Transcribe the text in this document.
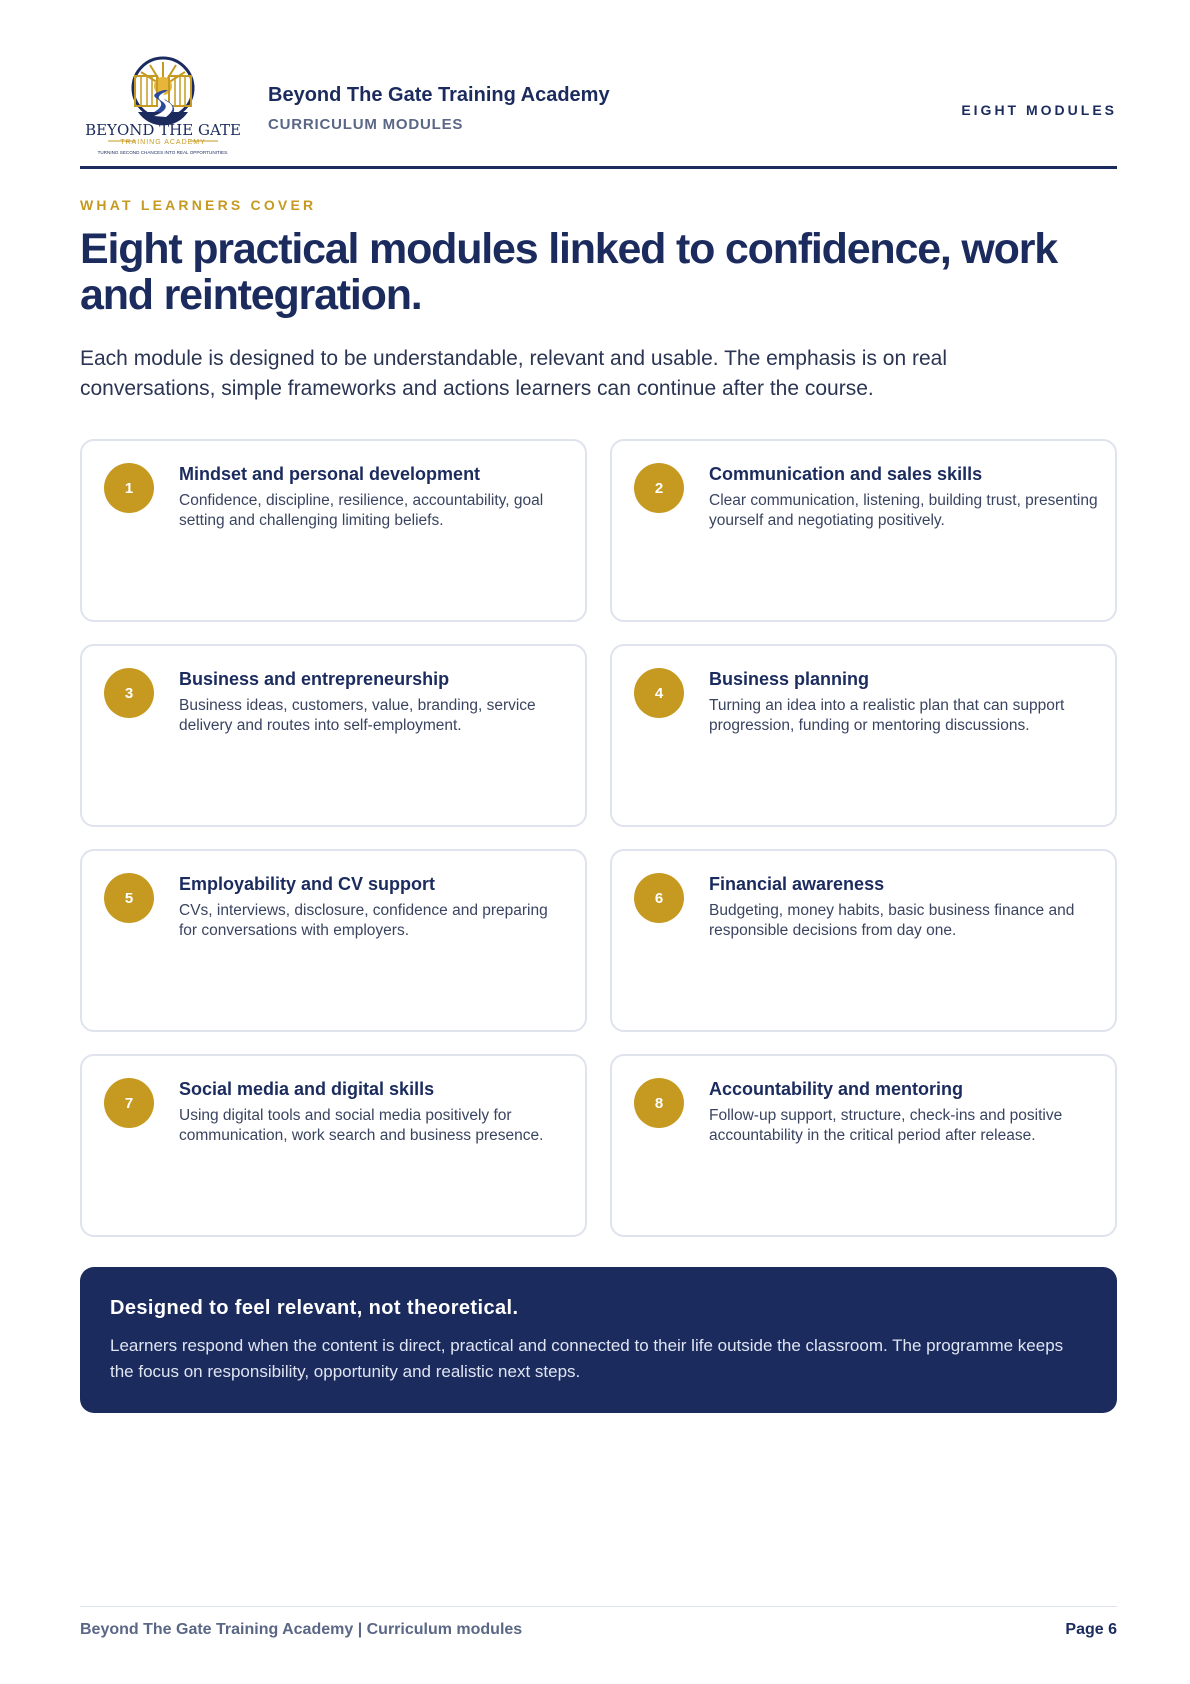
BEYOND THE GATE
TRAINING ACADEMY
TURNING SECOND CHANCES INTO REAL OPPORTUNITIES.
Beyond The Gate Training Academy
CURRICULUM MODULES
EIGHT MODULES
WHAT LEARNERS COVER
Eight practical modules linked to confidence, work and reintegration.

Each module is designed to be understandable, relevant and usable. The emphasis is on real conversations, simple frameworks and actions learners can continue after the course.

1
Mindset and personal development
Confidence, discipline, resilience, accountability, goal setting and challenging limiting beliefs.
2
Communication and sales skills
Clear communication, listening, building trust, presenting yourself and negotiating positively.
3
Business and entrepreneurship
Business ideas, customers, value, branding, service delivery and routes into self-employment.
4
Business planning
Turning an idea into a realistic plan that can support progression, funding or mentoring discussions.
5
Employability and CV support
CVs, interviews, disclosure, confidence and preparing for conversations with employers.
6
Financial awareness
Budgeting, money habits, basic business finance and responsible decisions from day one.
7
Social media and digital skills
Using digital tools and social media positively for communication, work search and business presence.
8
Accountability and mentoring
Follow-up support, structure, check-ins and positive accountability in the critical period after release.
Designed to feel relevant, not theoretical.
Learners respond when the content is direct, practical and connected to their life outside the classroom. The programme keeps the focus on responsibility, opportunity and realistic next steps.
Beyond The Gate Training Academy | Curriculum modules	Page 6
